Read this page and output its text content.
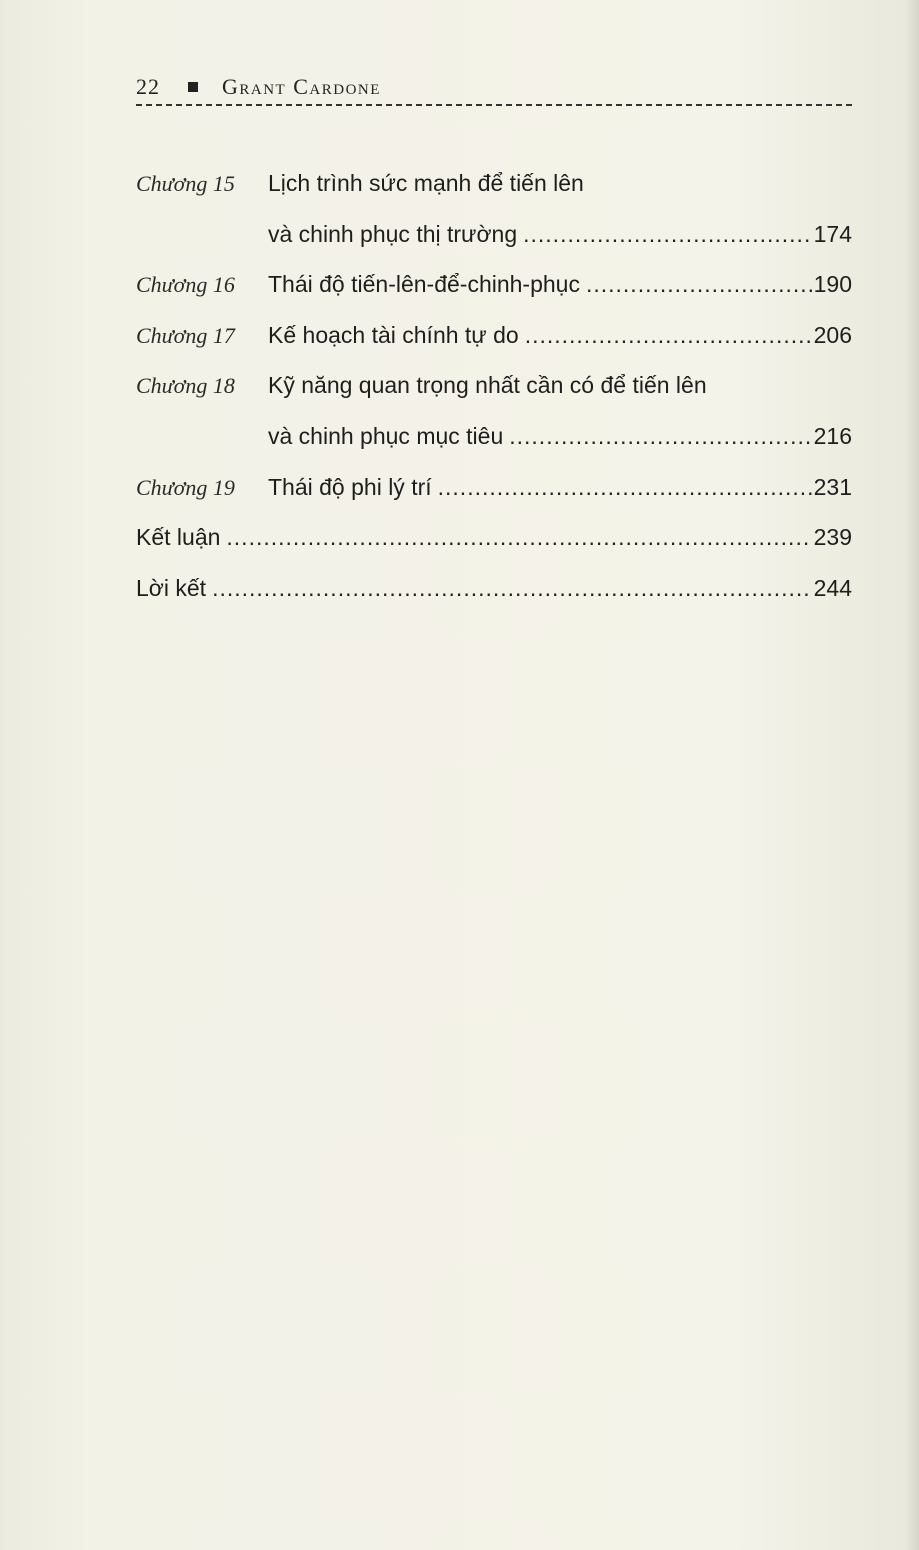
22	Grant Cardone
Chương 15	Lịch trình sức mạnh để tiến lên
và chinh phục thị trường .....	174
Chương 16	Thái độ tiến-lên-để-chinh-phục .....	190
Chương 17	Kế hoạch tài chính tự do .....	206
Chương 18	Kỹ năng quan trọng nhất cần có để tiến lên
và chinh phục mục tiêu .....	216
Chương 19	Thái độ phi lý trí .....	231
Kết luận .....	239
Lời kết .....	244
